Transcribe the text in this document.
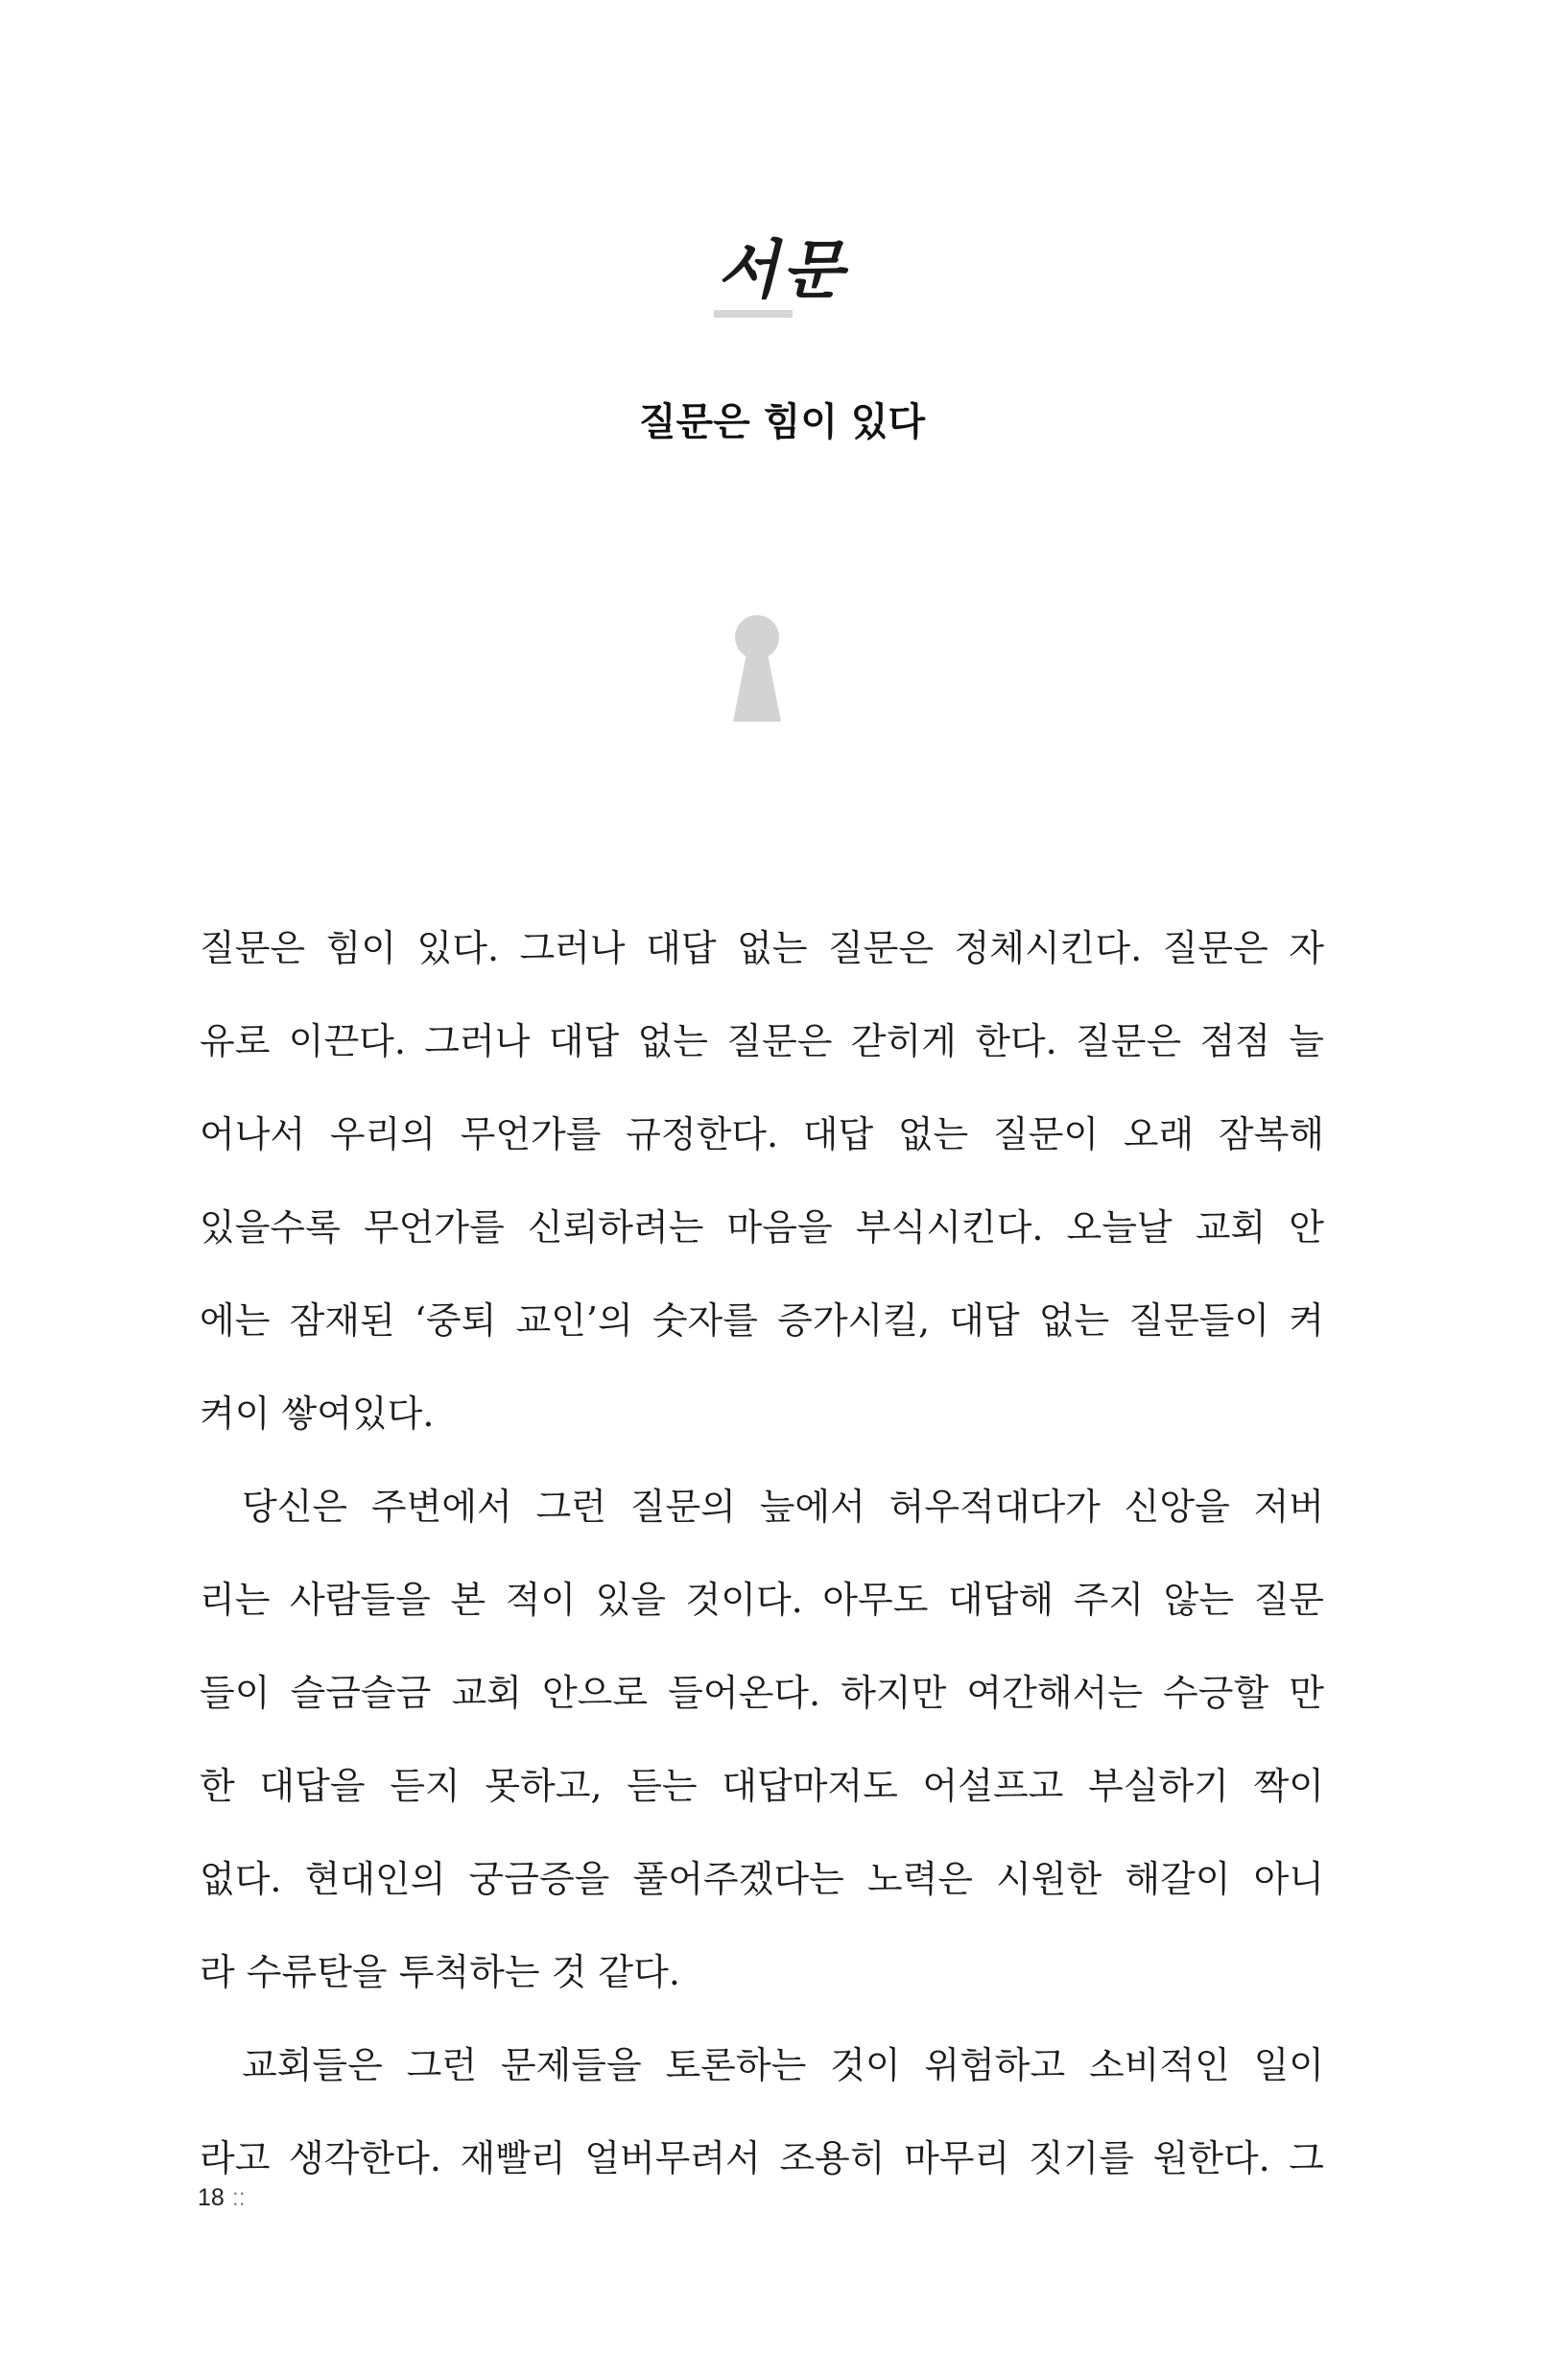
서문
질문은 힘이 있다

질문은 힘이 있다. 그러나 대답 없는 질문은 정체시킨다. 질문은 자
유로 이끈다. 그러나 대답 없는 질문은 갇히게 한다. 질문은 점점 늘
어나서 우리의 무언가를 규정한다. 대답 없는 질문이 오래 잠복해
있을수록 무언가를 신뢰하려는 마음을 부식시킨다. 오늘날 교회 안
에는 잠재된 ‘중퇴 교인’의 숫자를 증가시킬, 대답 없는 질문들이 켜
켜이 쌓여있다.

당신은 주변에서 그런 질문의 늪에서 허우적대다가 신앙을 저버
리는 사람들을 본 적이 있을 것이다. 아무도 대답해 주지 않는 질문
들이 슬금슬금 교회 안으로 들어온다. 하지만 여간해서는 수긍할 만
한 대답을 듣지 못하고, 듣는 대답마저도 어설프고 부실하기 짝이
없다. 현대인의 궁금증을 풀어주겠다는 노력은 시원한 해갈이 아니
라 수류탄을 투척하는 것 같다.

교회들은 그런 문제들을 토론하는 것이 위험하고 소비적인 일이
라고 생각한다. 재빨리 얼버무려서 조용히 마무리 짓기를 원한다. 그

18 ::
